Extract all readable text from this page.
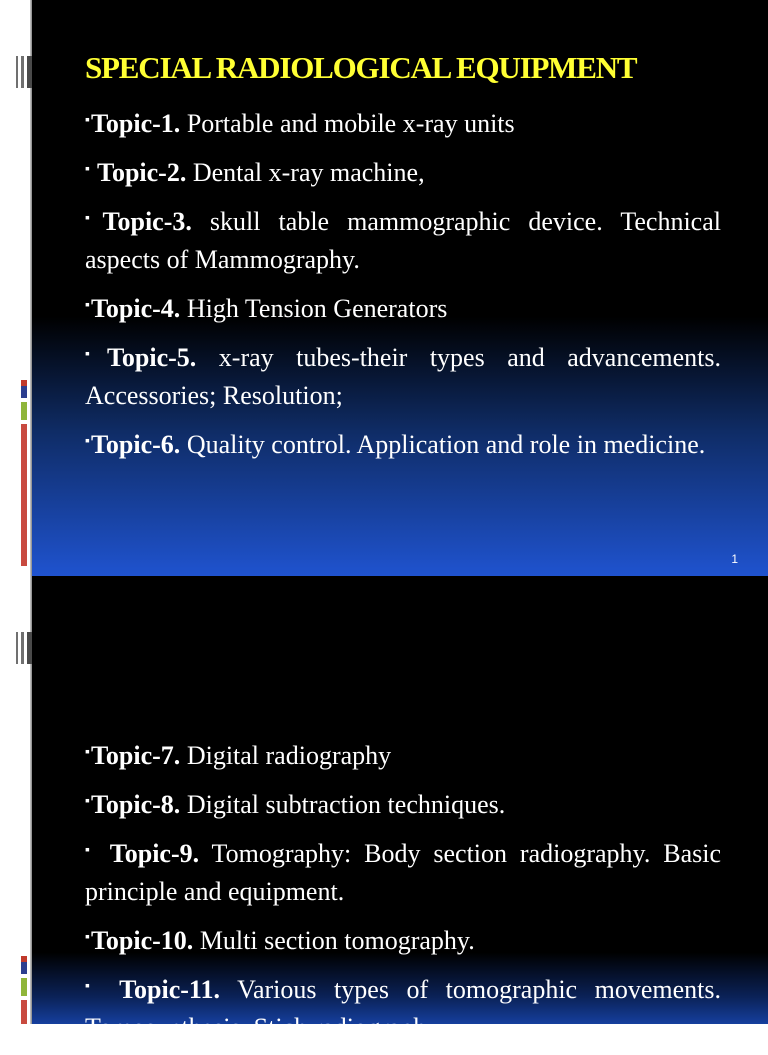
SPECIAL RADIOLOGICAL EQUIPMENT
▪Topic-1. Portable and mobile x-ray units
▪ Topic-2. Dental x-ray machine,
▪Topic-3. skull table mammographic device. Technical aspects of Mammography.
▪Topic-4. High Tension Generators
▪Topic-5. x-ray tubes-their types and advancements. Accessories; Resolution;
▪Topic-6. Quality control. Application and role in medicine.
1
▪Topic-7. Digital radiography
▪Topic-8. Digital subtraction techniques.
▪ Topic-9. Tomography: Body section radiography. Basic principle and equipment.
▪Topic-10. Multi section tomography.
▪ Topic-11. Various types of tomographic movements. Tomosynthesis. Stich radiography.
